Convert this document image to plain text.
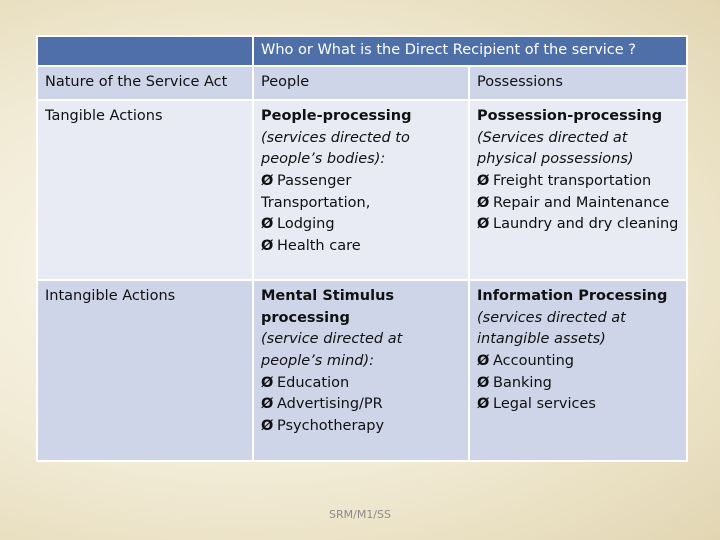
	Who or What is the Direct Recipient of the service ?	
Nature of the Service Act	People	Possessions
Tangible Actions	People-processing
(services directed to people’s bodies):
Ø Passenger Transportation,
Ø Lodging
Ø Health care	Possession-processing
(Services directed at physical possessions)
Ø Freight transportation
Ø Repair and Maintenance
Ø Laundry and dry cleaning

Intangible Actions	Mental Stimulus processing
(service directed at people’s mind):
Ø Education
Ø Advertising/PR
Ø Psychotherapy	Information Processing
(services directed at intangible assets)
Ø Accounting
Ø Banking
Ø Legal services
SRM/M1/SS
